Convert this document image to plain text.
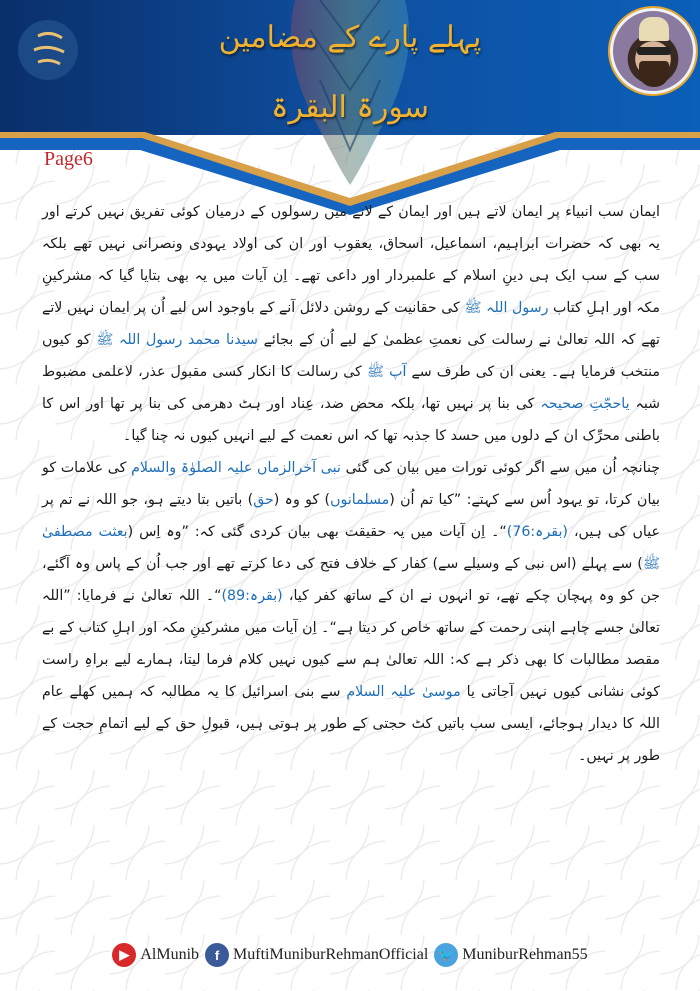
پہلے پارے کے مضامین
سورۃ البقرۃ
Page6

ایمان سب انبیاء پر ایمان لاتے ہیں اور ایمان کے لانے میں رسولوں کے درمیان کوئی تفریق نہیں کرتے اور یہ بھی کہ حضرات ابراہیم، اسماعیل، اسحاق، یعقوب اور ان کی اولاد یہودی ونصرانی نہیں تھے بلکہ سب کے سب ایک ہی دینِ اسلام کے علمبردار اور داعی تھے۔ اِن آیات میں یہ بھی بتایا گیا کہ مشرکینِ مکہ اور اہلِ کتاب رسول اللہ ﷺ کی حقانیت کے روشن دلائل آنے کے باوجود اس لیے اُن پر ایمان نہیں لاتے تھے کہ اللہ تعالیٰ نے رسالت کی نعمتِ عظمیٰ کے لیے اُن کے بجائے سیدنا محمد رسول اللہ ﷺ کو کیوں منتخب فرمایا ہے۔ یعنی ان کی طرف سے آپ ﷺ کی رسالت کا انکار کسی مقبول عذر، لاعلمی مضبوط شبہ یاحجّتِ صحیحہ کی بنا پر نہیں تھا، بلکہ محض ضد، عِناد اور ہٹ دھرمی کی بنا پر تھا اور اس کا باطنی محرِّک ان کے دلوں میں حسد کا جذبہ تھا کہ اس نعمت کے لیے انہیں کیوں نہ چنا گیا۔

چنانچہ اُن میں سے اگر کوئی تورات میں بیان کی گئی نبی آخرالزماں علیہ الصلوٰۃ والسلام کی علامات کو بیان کرتا، تو یہود اُس سے کہتے: ”کیا تم اُن (مسلمانوں) کو وہ (حق) باتیں بتا دیتے ہو، جو اللہ نے تم پر عیاں کی ہیں، (بقرہ:76)“۔ اِن آیات میں یہ حقیقت بھی بیان کردی گئی کہ: ”وہ اِس (بعثت مصطفیٰ ﷺ) سے پہلے (اس نبی کے وسیلے سے) کفار کے خلاف فتح کی دعا کرتے تھے اور جب اُن کے پاس وہ آگئے، جن کو وہ پہچان چکے تھے، تو انہوں نے ان کے ساتھ کفر کیا، (بقرہ:89)“۔ اللہ تعالیٰ نے فرمایا: ”اللہ تعالیٰ جسے چاہے اپنی رحمت کے ساتھ خاص کر دیتا ہے“۔ اِن آیات میں مشرکینِ مکہ اور اہلِ کتاب کے بے مقصد مطالبات کا بھی ذکر ہے کہ: اللہ تعالیٰ ہم سے کیوں نہیں کلام فرما لیتا، ہمارے لیے براہِ راست کوئی نشانی کیوں نہیں آجاتی یا موسیٰ علیہ السلام سے بنی اسرائیل کا یہ مطالبہ کہ ہمیں کھلے عام اللہ کا دیدار ہوجائے، ایسی سب باتیں کٹ حجتی کے طور پر ہوتی ہیں، قبولِ حق کے لیے اتمامِ حجت کے طور پر نہیں۔

▶ AlMunib	f MuftiMuniburRehmanOfficial 🐦 MuniburRehman55
